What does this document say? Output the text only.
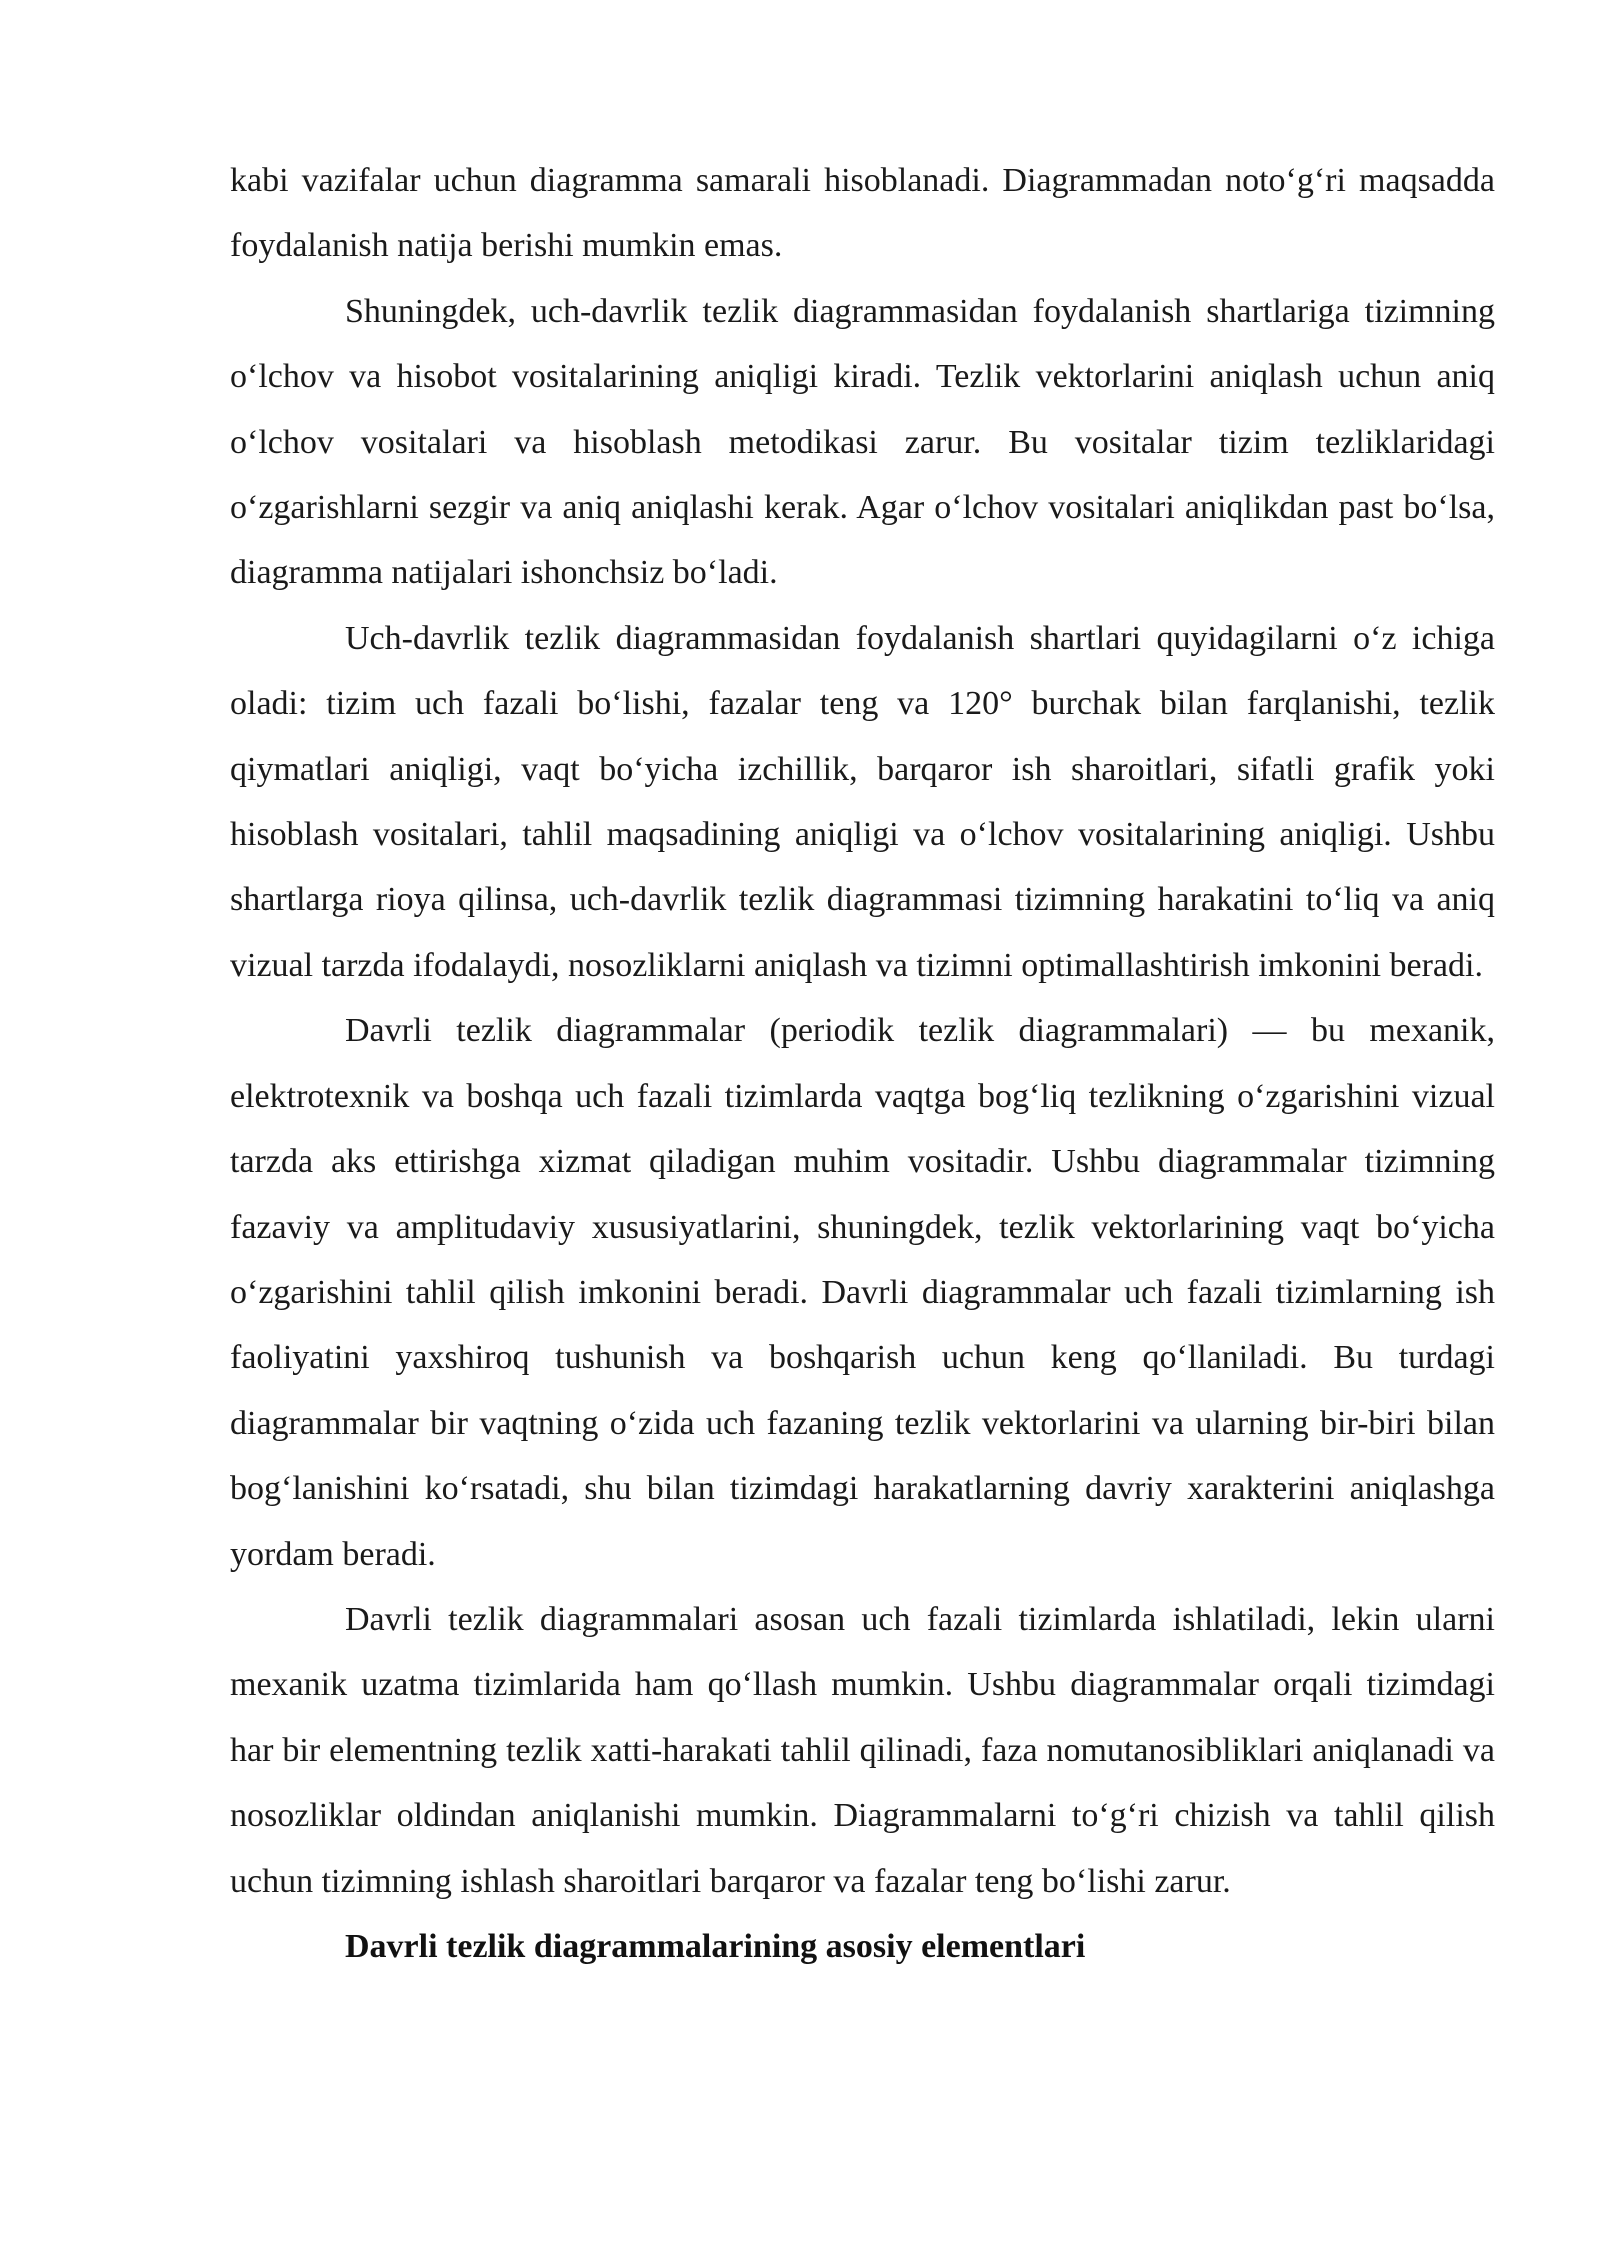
kabi vazifalar uchun diagramma samarali hisoblanadi. Diagrammadan noto‘g‘ri maqsadda foydalanish natija berishi mumkin emas.

Shuningdek, uch-davrlik tezlik diagrammasidan foydalanish shartlariga tizimning o‘lchov va hisobot vositalarining aniqligi kiradi. Tezlik vektorlarini aniqlash uchun aniq o‘lchov vositalari va hisoblash metodikasi zarur. Bu vositalar tizim tezliklaridagi o‘zgarishlarni sezgir va aniq aniqlashi kerak. Agar o‘lchov vositalari aniqlikdan past bo‘lsa, diagramma natijalari ishonchsiz bo‘ladi.

Uch-davrlik tezlik diagrammasidan foydalanish shartlari quyidagilarni o‘z ichiga oladi: tizim uch fazali bo‘lishi, fazalar teng va 120° burchak bilan farqlanishi, tezlik qiymatlari aniqligi, vaqt bo‘yicha izchillik, barqaror ish sharoitlari, sifatli grafik yoki hisoblash vositalari, tahlil maqsadining aniqligi va o‘lchov vositalarining aniqligi. Ushbu shartlarga rioya qilinsa, uch-davrlik tezlik diagrammasi tizimning harakatini to‘liq va aniq vizual tarzda ifodalaydi, nosozliklarni aniqlash va tizimni optimallashtirish imkonini beradi.

Davrli tezlik diagrammalar (periodik tezlik diagrammalari) — bu mexanik, elektrotexnik va boshqa uch fazali tizimlarda vaqtga bog‘liq tezlikning o‘zgarishini vizual tarzda aks ettirishga xizmat qiladigan muhim vositadir. Ushbu diagrammalar tizimning fazaviy va amplitudaviy xususiyatlarini, shuningdek, tezlik vektorlarining vaqt bo‘yicha o‘zgarishini tahlil qilish imkonini beradi. Davrli diagrammalar uch fazali tizimlarning ish faoliyatini yaxshiroq tushunish va boshqarish uchun keng qo‘llaniladi. Bu turdagi diagrammalar bir vaqtning o‘zida uch fazaning tezlik vektorlarini va ularning bir-biri bilan bog‘lanishini ko‘rsatadi, shu bilan tizimdagi harakatlarning davriy xarakterini aniqlashga yordam beradi.

Davrli tezlik diagrammalari asosan uch fazali tizimlarda ishlatiladi, lekin ularni mexanik uzatma tizimlarida ham qo‘llash mumkin. Ushbu diagrammalar orqali tizimdagi har bir elementning tezlik xatti-harakati tahlil qilinadi, faza nomutanosibliklari aniqlanadi va nosozliklar oldindan aniqlanishi mumkin. Diagrammalarni to‘g‘ri chizish va tahlil qilish uchun tizimning ishlash sharoitlari barqaror va fazalar teng bo‘lishi zarur.

Davrli tezlik diagrammalarining asosiy elementlari
